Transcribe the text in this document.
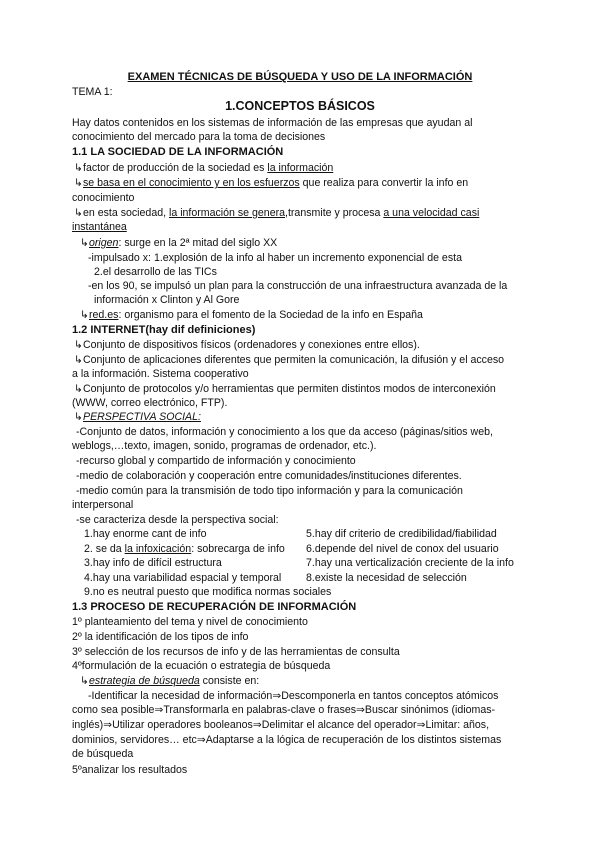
EXAMEN TÉCNICAS DE BÚSQUEDA Y USO DE LA INFORMACIÓN
TEMA 1:
1.CONCEPTOS BÁSICOS
Hay datos contenidos en los sistemas de información de las empresas que ayudan al
conocimiento del mercado para la toma de decisiones
1.1 LA SOCIEDAD DE LA INFORMACIÓN
↳factor de producción de la sociedad es la información
↳se basa en el conocimiento y en los esfuerzos que realiza para convertir la info en
conocimiento
↳en esta sociedad, la información se genera,transmite y procesa a una velocidad casi
instantánea
↳origen: surge en la 2ª mitad del siglo XX
-impulsado x: 1.explosión de la info al haber un incremento exponencial de esta
2.el desarrollo de las TICs
-en los 90, se impulsó un plan para la construcción de una infraestructura avanzada de la
información x Clinton y Al Gore
↳red.es: organismo para el fomento de la Sociedad de la info en España
1.2 INTERNET(hay dif definiciones)
↳Conjunto de dispositivos físicos (ordenadores y conexiones entre ellos).
↳Conjunto de aplicaciones diferentes que permiten la comunicación, la difusión y el acceso
a la información. Sistema cooperativo
↳Conjunto de protocolos y/o herramientas que permiten distintos modos de interconexión
(WWW, correo electrónico, FTP).
↳PERSPECTIVA SOCIAL:
-Conjunto de datos, información y conocimiento a los que da acceso (páginas/sitios web,
weblogs,…texto, imagen, sonido, programas de ordenador, etc.).
-recurso global y compartido de información y conocimiento
-medio de colaboración y cooperación entre comunidades/instituciones diferentes.
-medio común para la transmisión de todo tipo información y para la comunicación
interpersonal
-se caracteriza desde la perspectiva social:
1.hay enorme cant de info	5.hay dif criterio de credibilidad/fiabilidad
2. se da la infoxicación: sobrecarga de info 6.depende del nivel de conox del usuario
3.hay info de difícil estructura	7.hay una verticalización creciente de la info
4.hay una variabilidad espacial y temporal 8.existe la necesidad de selección
9.no es neutral puesto que modifica normas sociales
1.3 PROCESO DE RECUPERACIÓN DE INFORMACIÓN
1º planteamiento del tema y nivel de conocimiento
2º la identificación de los tipos de info
3º selección de los recursos de info y de las herramientas de consulta
4ºformulación de la ecuación o estrategia de búsqueda
↳estrategia de búsqueda consiste en:
-Identificar la necesidad de información⇒Descomponerla en tantos conceptos atómicos
como sea posible⇒Transformarla en palabras-clave o frases⇒Buscar sinónimos (idiomas-
inglés)⇒Utilizar operadores booleanos⇒Delimitar el alcance del operador⇒Limitar: años,
dominios, servidores… etc⇒Adaptarse a la lógica de recuperación de los distintos sistemas
de búsqueda
5ºanalizar los resultados
